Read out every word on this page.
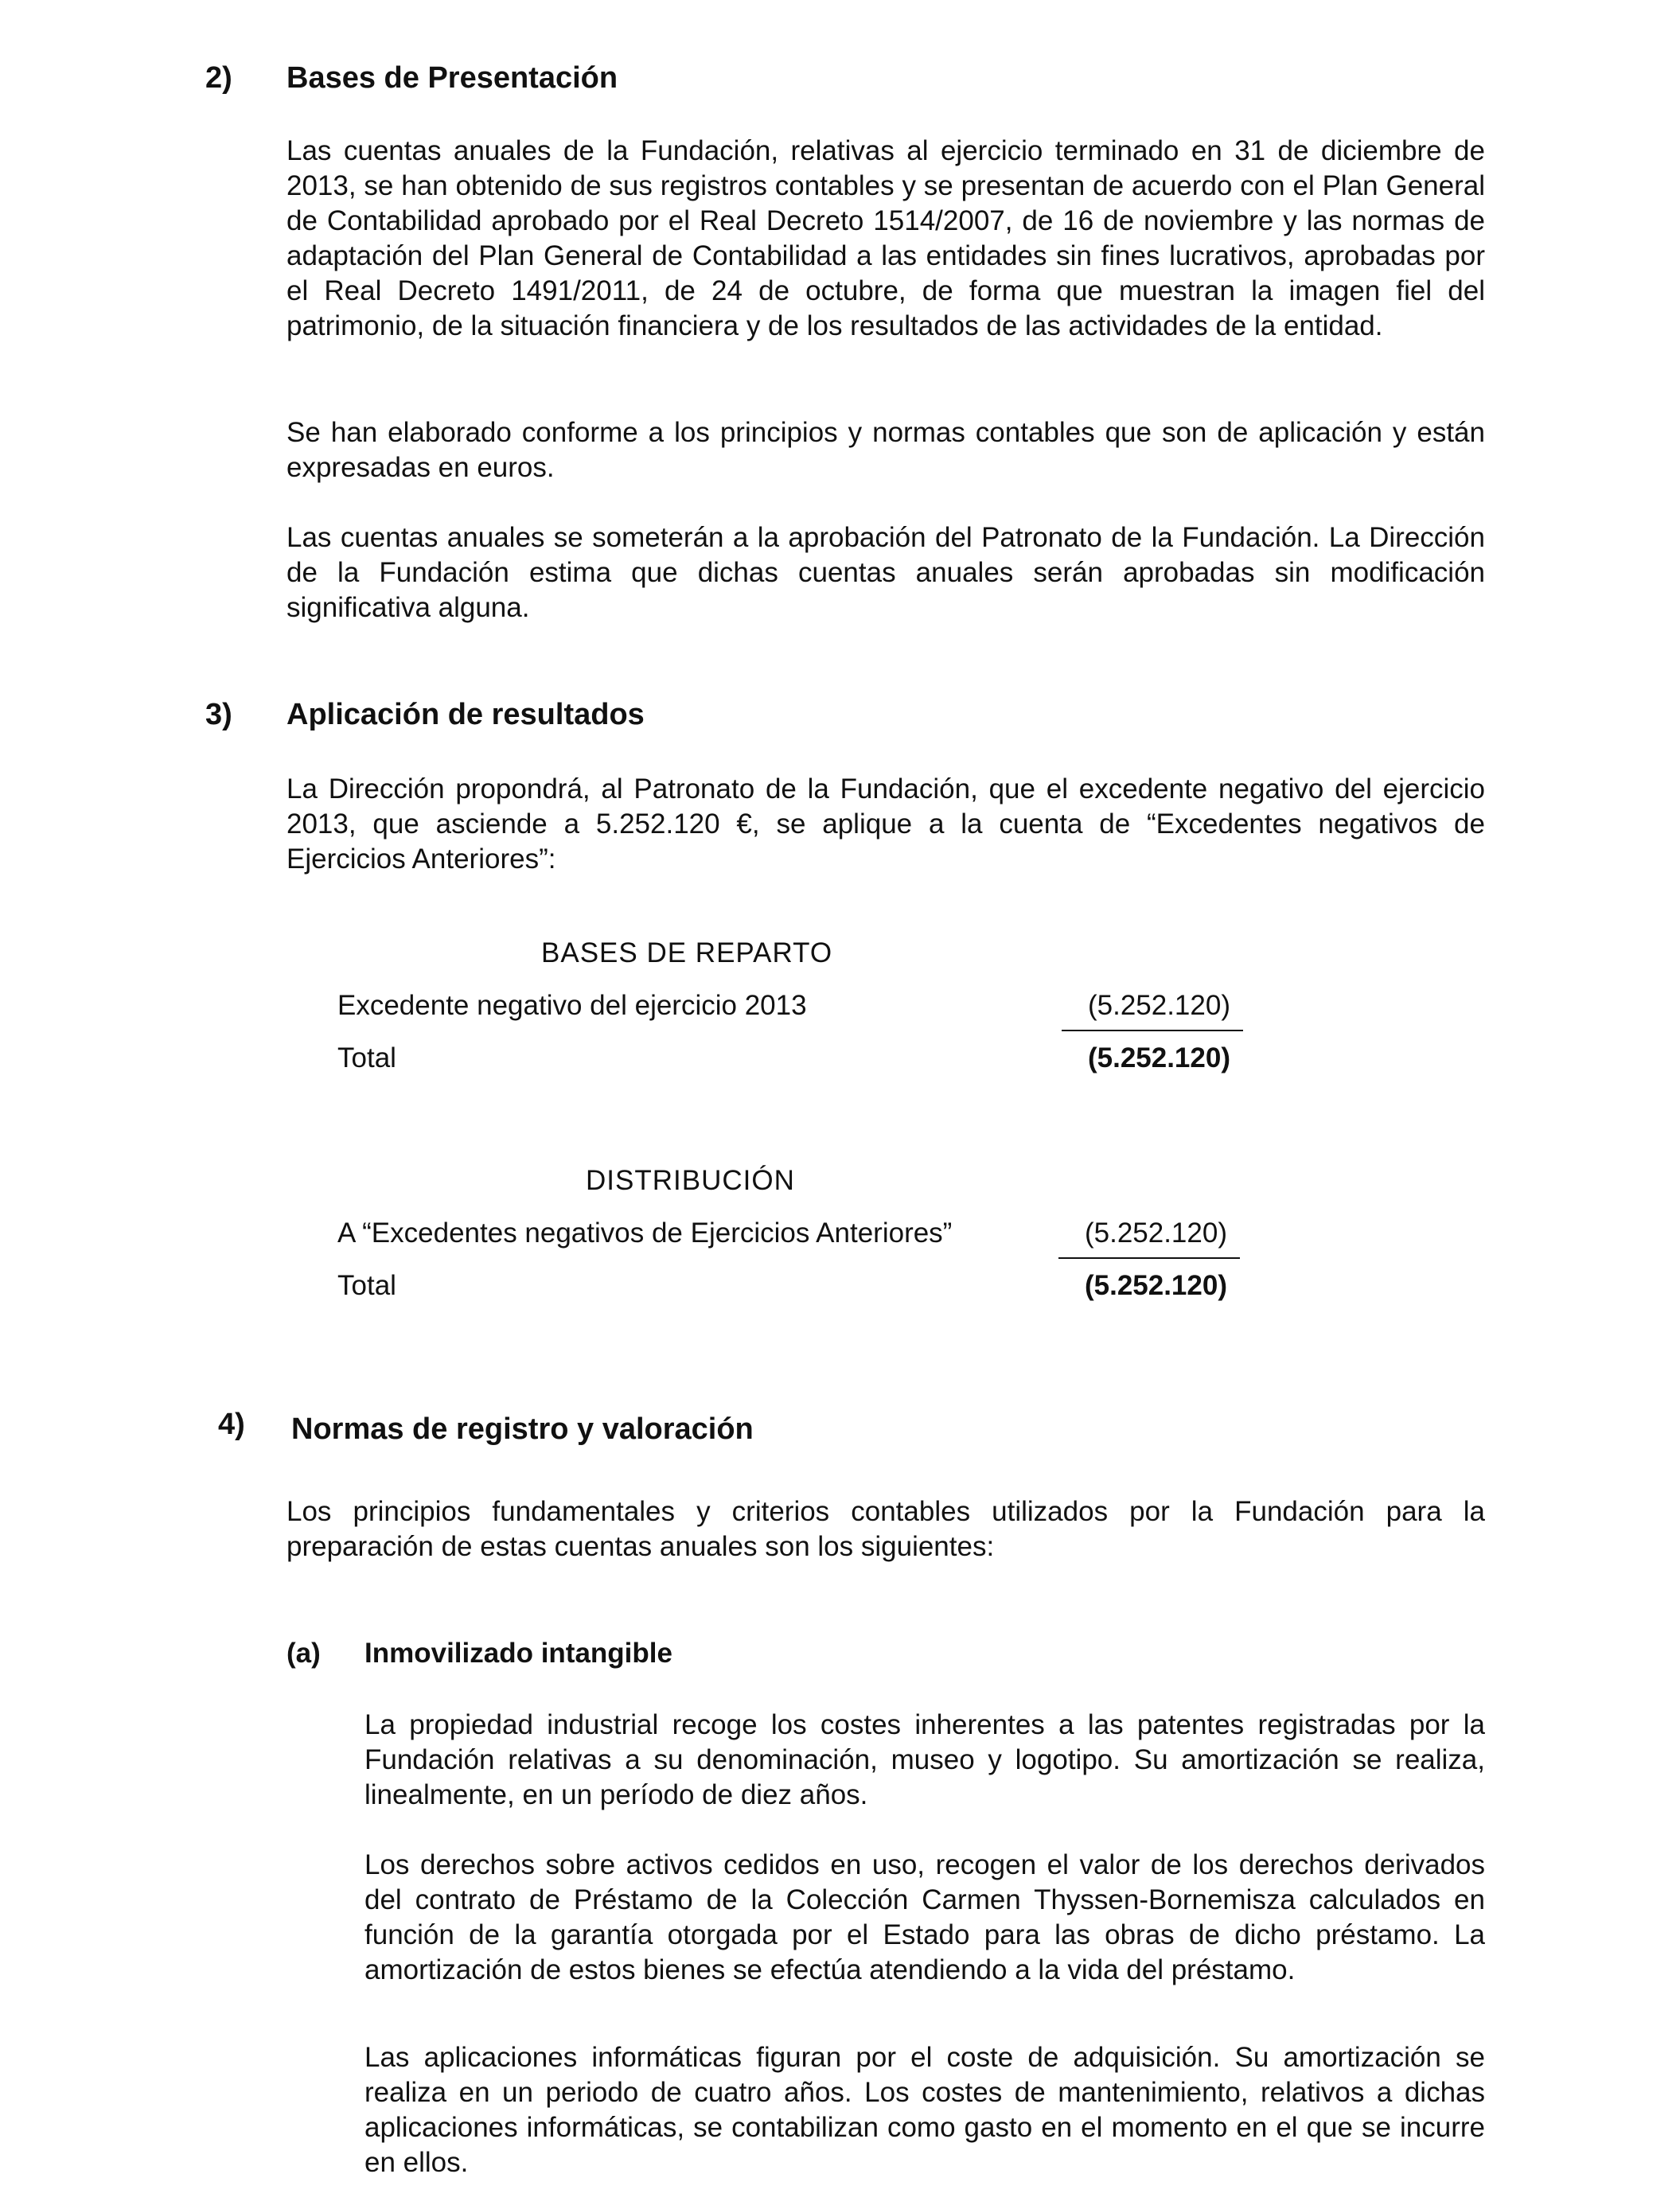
2) Bases de Presentación

Las cuentas anuales de la Fundación, relativas al ejercicio terminado en 31 de diciembre de 2013, se han obtenido de sus registros contables y se presentan de acuerdo con el Plan General de Contabilidad aprobado por el Real Decreto 1514/2007, de 16 de noviembre y las normas de adaptación del Plan General de Contabilidad a las entidades sin fines lucrativos, aprobadas por el Real Decreto 1491/2011, de 24 de octubre, de forma que muestran la imagen fiel del patrimonio, de la situación financiera y de los resultados de las actividades de la entidad.

Se han elaborado conforme a los principios y normas contables que son de aplicación y están expresadas en euros.

Las cuentas anuales se someterán a la aprobación del Patronato de la Fundación. La Dirección de la Fundación estima que dichas cuentas anuales serán aprobadas sin modificación significativa alguna.

3) Aplicación de resultados

La Dirección propondrá, al Patronato de la Fundación, que el excedente negativo del ejercicio 2013, que asciende a 5.252.120 €, se aplique a la cuenta de “Excedentes negativos de Ejercicios Anteriores”:

BASES DE REPARTO
Excedente negativo del ejercicio 2013	(5.252.120)
Total	(5.252.120)
DISTRIBUCIÓN
A “Excedentes negativos de Ejercicios Anteriores”	(5.252.120)
Total	(5.252.120)
4) Normas de registro y valoración

Los principios fundamentales y criterios contables utilizados por la Fundación para la preparación de estas cuentas anuales son los siguientes:

(a) Inmovilizado intangible

La propiedad industrial recoge los costes inherentes a las patentes registradas por la Fundación relativas a su denominación, museo y logotipo. Su amortización se realiza, linealmente, en un período de diez años.

Los derechos sobre activos cedidos en uso, recogen el valor de los derechos derivados del contrato de Préstamo de la Colección Carmen Thyssen-Bornemisza calculados en función de la garantía otorgada por el Estado para las obras de dicho préstamo. La amortización de estos bienes se efectúa atendiendo a la vida del préstamo.

Las aplicaciones informáticas figuran por el coste de adquisición. Su amortización se realiza en un periodo de cuatro años. Los costes de mantenimiento, relativos a dichas aplicaciones informáticas, se contabilizan como gasto en el momento en el que se incurre en ellos.
